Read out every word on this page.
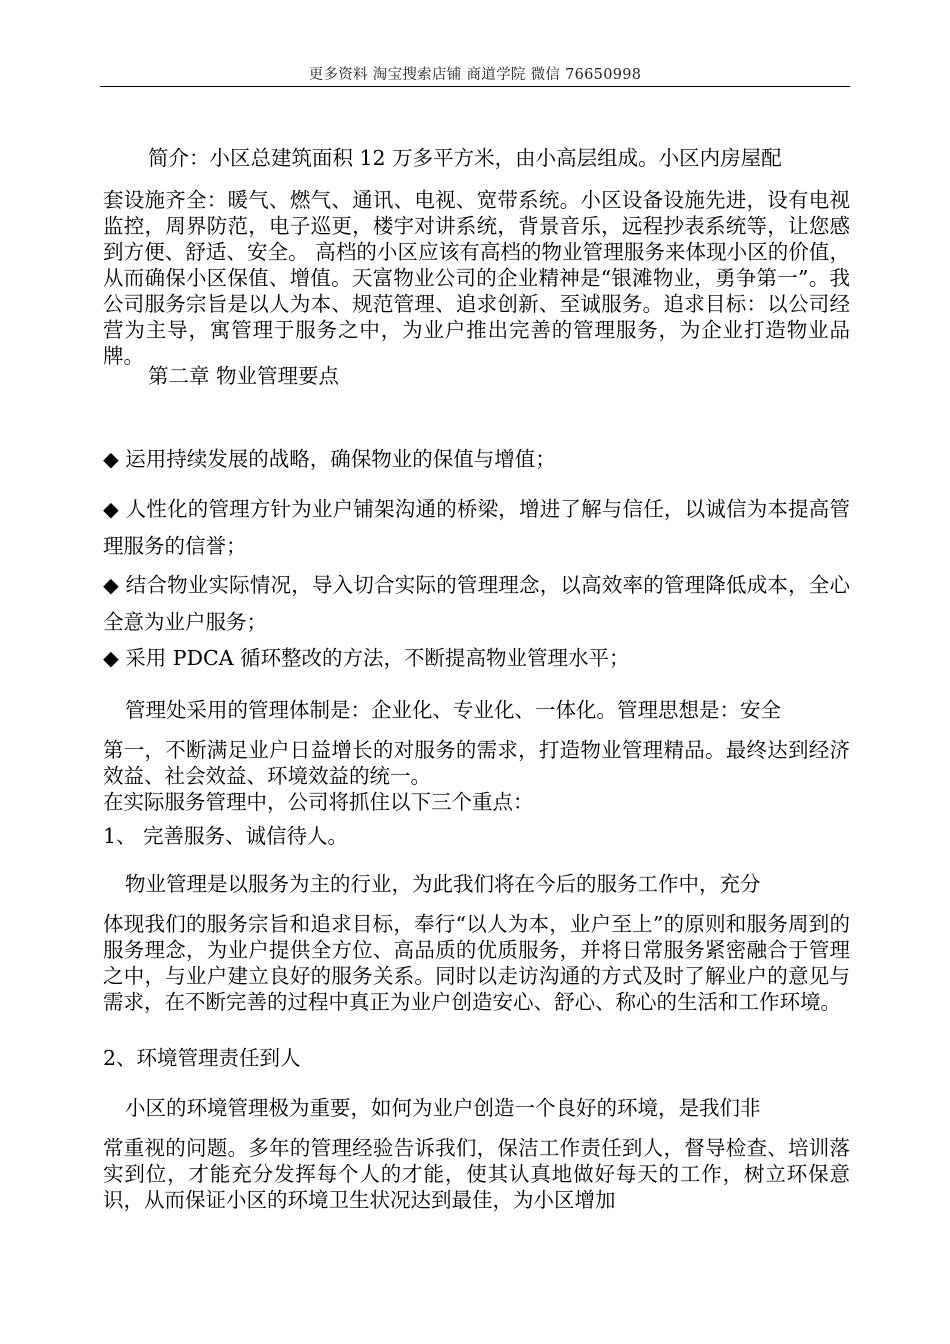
更多资料 淘宝搜索店铺 商道学院 微信 76650998
简介：小区总建筑面积 12 万多平方米，由小高层组成。小区内房屋配
套设施齐全：暖气、燃气、通讯、电视、宽带系统。小区设备设施先进，设有电视监控，周界防范，电子巡更，楼宇对讲系统，背景音乐，远程抄表系统等，让您感到方便、舒适、安全。 高档的小区应该有高档的物业管理服务来体现小区的价值，从而确保小区保值、增值。天富物业公司的企业精神是“银滩物业，勇争第一”。我公司服务宗旨是以人为本、规范管理、追求创新、至诚服务。追求目标：以公司经营为主导，寓管理于服务之中，为业户推出完善的管理服务，为企业打造物业品牌。
第二章 物业管理要点
◆ 运用持续发展的战略，确保物业的保值与增值；
◆ 人性化的管理方针为业户铺架沟通的桥梁，增进了解与信任，以诚信为本提高管理服务的信誉；
◆ 结合物业实际情况，导入切合实际的管理理念，以高效率的管理降低成本，全心全意为业户服务；
◆ 采用 PDCA 循环整改的方法，不断提高物业管理水平；
管理处采用的管理体制是：企业化、专业化、一体化。管理思想是：安全
第一，不断满足业户日益增长的对服务的需求，打造物业管理精品。最终达到经济效益、社会效益、环境效益的统一。
在实际服务管理中，公司将抓住以下三个重点：
1、 完善服务、诚信待人。
物业管理是以服务为主的行业，为此我们将在今后的服务工作中，充分
体现我们的服务宗旨和追求目标，奉行“以人为本，业户至上”的原则和服务周到的服务理念，为业户提供全方位、高品质的优质服务，并将日常服务紧密融合于管理之中，与业户建立良好的服务关系。同时以走访沟通的方式及时了解业户的意见与需求，在不断完善的过程中真正为业户创造安心、舒心、称心的生活和工作环境。
2、环境管理责任到人
小区的环境管理极为重要，如何为业户创造一个良好的环境，是我们非
常重视的问题。多年的管理经验告诉我们，保洁工作责任到人，督导检查、培训落实到位，才能充分发挥每个人的才能，使其认真地做好每天的工作，树立环保意识，从而保证小区的环境卫生状况达到最佳，为小区增加
